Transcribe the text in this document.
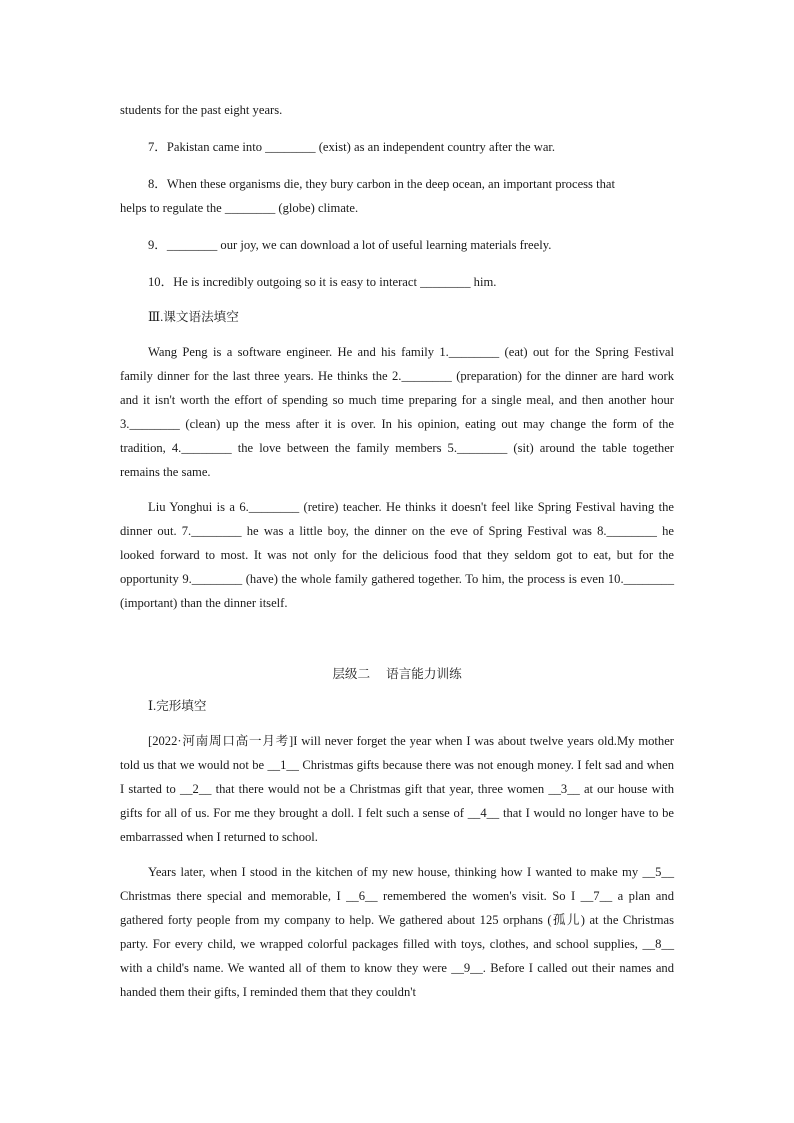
students for the past eight years.

7．Pakistan came into ________ (exist) as an independent country after the war.

8．When these organisms die, they bury carbon in the deep ocean, an important process that

helps to regulate the ________ (globe) climate.

9．________ our joy, we can download a lot of useful learning materials freely.

10．He is incredibly outgoing so it is easy to interact ________ him.

Ⅲ.课文语法填空

Wang Peng is a software engineer. He and his family 1.________ (eat) out for the Spring Festival family dinner for the last three years. He thinks the 2.________ (preparation) for the dinner are hard work and it isn't worth the effort of spending so much time preparing for a single meal, and then another hour 3.________ (clean) up the mess after it is over. In his opinion, eating out may change the form of the tradition, 4.________ the love between the family members 5.________ (sit) around the table together remains the same.

Liu Yonghui is a 6.________ (retire) teacher. He thinks it doesn't feel like Spring Festival having the dinner out. 7.________ he was a little boy, the dinner on the eve of Spring Festival was 8.________ he looked forward to most. It was not only for the delicious food that they seldom got to eat, but for the opportunity 9.________ (have) the whole family gathered together. To him, the process is even 10.________ (important) than the dinner itself.

层级二 语言能力训练

Ⅰ.完形填空

[2022·河南周口高一月考]I will never forget the year when I was about twelve years old.My mother told us that we would not be __1__ Christmas gifts because there was not enough money. I felt sad and when I started to __2__ that there would not be a Christmas gift that year, three women __3__ at our house with gifts for all of us. For me they brought a doll. I felt such a sense of __4__ that I would no longer have to be embarrassed when I returned to school.

Years later, when I stood in the kitchen of my new house, thinking how I wanted to make my __5__ Christmas there special and memorable, I __6__ remembered the women's visit. So I __7__ a plan and gathered forty people from my company to help. We gathered about 125 orphans (孤儿) at the Christmas party. For every child, we wrapped colorful packages filled with toys, clothes, and school supplies, __8__ with a child's name. We wanted all of them to know they were __9__. Before I called out their names and handed them their gifts, I reminded them that they couldn't
